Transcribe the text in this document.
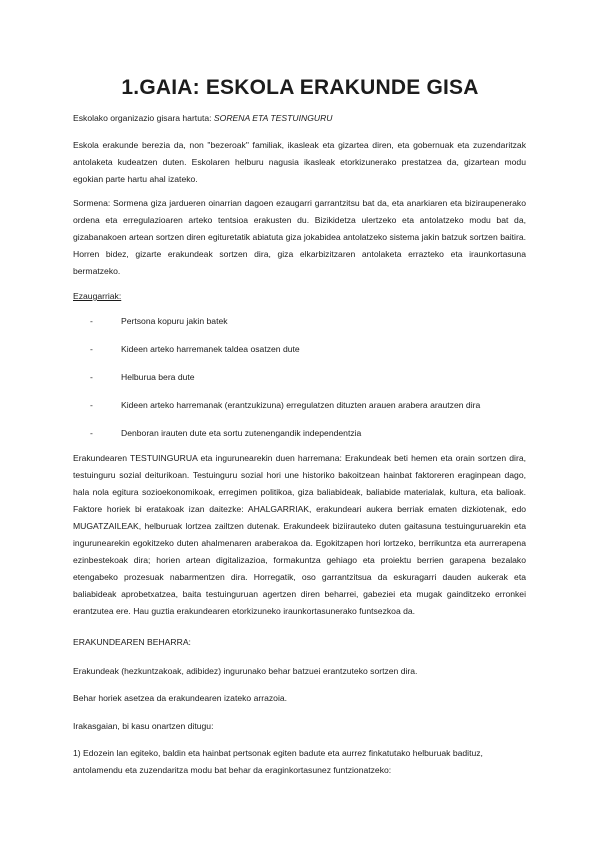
1.GAIA: ESKOLA ERAKUNDE GISA

Eskolako organizazio gisara hartuta: SORENA ETA TESTUINGURU

Eskola erakunde berezia da, non "bezeroak" familiak, ikasleak eta gizartea diren, eta gobernuak eta zuzendaritzak antolaketa kudeatzen duten. Eskolaren helburu nagusia ikasleak etorkizunerako prestatzea da, gizartean modu egokian parte hartu ahal izateko.

Sormena: Sormena giza jardueren oinarrian dagoen ezaugarri garrantzitsu bat da, eta anarkiaren eta biziraupenerako ordena eta erregulazioaren arteko tentsioa erakusten du. Bizikidetza ulertzeko eta antolatzeko modu bat da, gizabanakoen artean sortzen diren egituretatik abiatuta giza jokabidea antolatzeko sistema jakin batzuk sortzen baitira. Horren bidez, gizarte erakundeak sortzen dira, giza elkarbizitzaren antolaketa errazteko eta iraunkortasuna bermatzeko.

Ezaugarriak:

-	Pertsona kopuru jakin batek
-	Kideen arteko harremanek taldea osatzen dute
-	Helburua bera dute
-	Kideen arteko harremanak (erantzukizuna) erregulatzen dituzten arauen arabera arautzen dira
-	Denboran irauten dute eta sortu zutenengandik independentzia

Erakundearen TESTUINGURUA eta ingurunearekin duen harremana: Erakundeak beti hemen eta orain sortzen dira, testuinguru sozial deiturikoan. Testuinguru sozial hori une historiko bakoitzean hainbat faktoreren eraginpean dago, hala nola egitura sozioekonomikoak, erregimen politikoa, giza baliabideak, baliabide materialak, kultura, eta balioak. Faktore horiek bi eratakoak izan daitezke: AHALGARRIAK, erakundeari aukera berriak ematen dizkiotenak, edo MUGATZAILEAK, helburuak lortzea zailtzen dutenak. Erakundeek biziirauteko duten gaitasuna testuinguruarekin eta ingurunearekin egokitzeko duten ahalmenaren araberakoa da. Egokitzapen hori lortzeko, berrikuntza eta aurrerapena ezinbestekoak dira; horien artean digitalizazioa, formakuntza gehiago eta proiektu berrien garapena bezalako etengabeko prozesuak nabarmentzen dira. Horregatik, oso garrantzitsua da eskuragarri dauden aukerak eta baliabideak aprobetxatzea, baita testuinguruan agertzen diren beharrei, gabeziei eta mugak gainditzeko erronkei erantzutea ere. Hau guztia erakundearen etorkizuneko iraunkortasunerako funtsezkoa da.

ERAKUNDEAREN BEHARRA:

Erakundeak (hezkuntzakoak, adibidez) ingurunako behar batzuei erantzuteko sortzen dira.

Behar horiek asetzea da erakundearen izateko arrazoia.

Irakasgaian, bi kasu onartzen ditugu:

1) Edozein lan egiteko, baldin eta hainbat pertsonak egiten badute eta aurrez finkatutako helburuak badituz, antolamendu eta zuzendaritza modu bat behar da eraginkortasunez funtzionatzeko:
